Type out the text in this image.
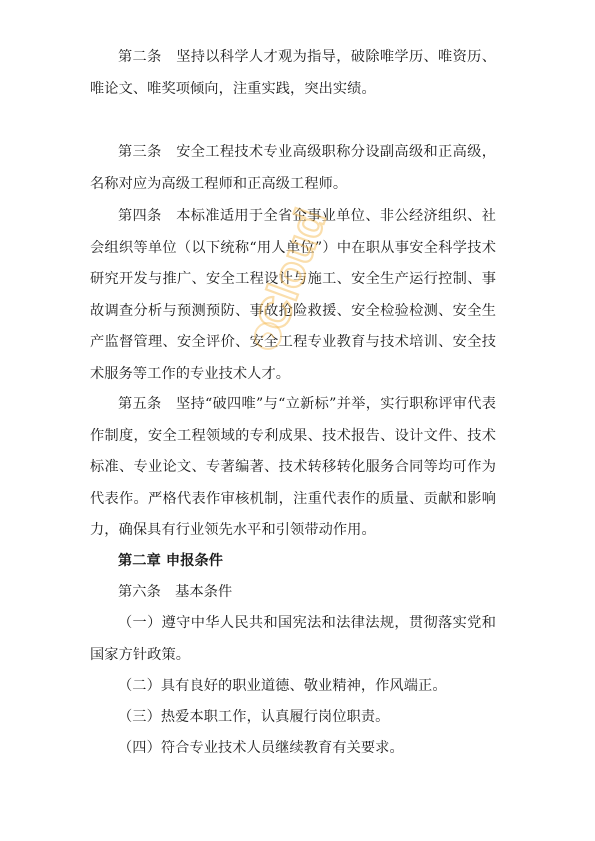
第二条　坚持以科学人才观为指导，破除唯学历、唯资历、唯论文、唯奖项倾向，注重实践，突出实绩。

第三条　安全工程技术专业高级职称分设副高级和正高级，名称对应为高级工程师和正高级工程师。

第四条　本标准适用于全省企事业单位、非公经济组织、社会组织等单位（以下统称“用人单位”）中在职从事安全科学技术研究开发与推广、安全工程设计与施工、安全生产运行控制、事故调查分析与预测预防、事故抢险救援、安全检验检测、安全生产监督管理、安全评价、安全工程专业教育与技术培训、安全技术服务等工作的专业技术人才。

第五条　坚持“破四唯”与“立新标”并举，实行职称评审代表作制度，安全工程领域的专利成果、技术报告、设计文件、技术标准、专业论文、专著编著、技术转移转化服务合同等均可作为代表作。严格代表作审核机制，注重代表作的质量、贡献和影响力，确保具有行业领先水平和引领带动作用。

第二章 申报条件

第六条　基本条件

（一）遵守中华人民共和国宪法和法律法规，贯彻落实党和国家方针政策。

（二）具有良好的职业道德、敬业精神，作风端正。

（三）热爱本职工作，认真履行岗位职责。

（四）符合专业技术人员继续教育有关要求。

Cloud
